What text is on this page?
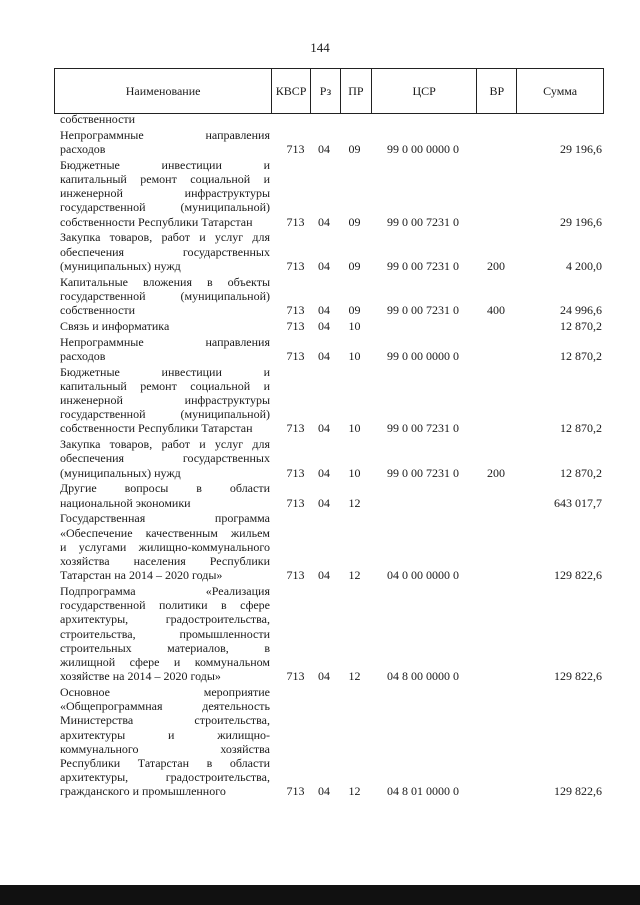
144
Наименование	КВСР	Рз	ПР	ЦСР	ВР	Сумма
собственности
Непрограммные направления
расходов	713	04	09	99 0 00 0000 0	29 196,6
Бюджетные инвестиции и
капитальный ремонт социальной и
инженерной инфраструктуры
государственной (муниципальной)
собственности Республики Татарстан	713	04	09	99 0 00 7231 0	29 196,6
Закупка товаров, работ и услуг для
обеспечения государственных
(муниципальных) нужд	713	04	09	99 0 00 7231 0	200	4 200,0
Капитальные вложения в объекты
государственной (муниципальной)
собственности	713	04	09	99 0 00 7231 0	400	24 996,6
Связь и информатика	713	04	10	12 870,2
Непрограммные направления
расходов	713	04	10	99 0 00 0000 0	12 870,2
Бюджетные инвестиции и
капитальный ремонт социальной и
инженерной инфраструктуры
государственной (муниципальной)
собственности Республики Татарстан	713	04	10	99 0 00 7231 0	12 870,2
Закупка товаров, работ и услуг для
обеспечения государственных
(муниципальных) нужд	713	04	10	99 0 00 7231 0	200	12 870,2
Другие вопросы в области
национальной экономики	713	04	12	643 017,7
Государственная программа
«Обеспечение качественным жильем
и услугами жилищно-коммунального
хозяйства населения Республики
Татарстан на 2014 – 2020 годы»	713	04	12	04 0 00 0000 0	129 822,6
Подпрограмма «Реализация
государственной политики в сфере
архитектуры, градостроительства,
строительства, промышленности
строительных материалов, в
жилищной сфере и коммунальном
хозяйстве на 2014 – 2020 годы»	713	04	12	04 8 00 0000 0	129 822,6
Основное мероприятие
«Общепрограммная деятельность
Министерства строительства,
архитектуры и жилищно-
коммунального хозяйства
Республики Татарстан в области
архитектуры, градостроительства,
гражданского и промышленного	713	04	12	04 8 01 0000 0	129 822,6
